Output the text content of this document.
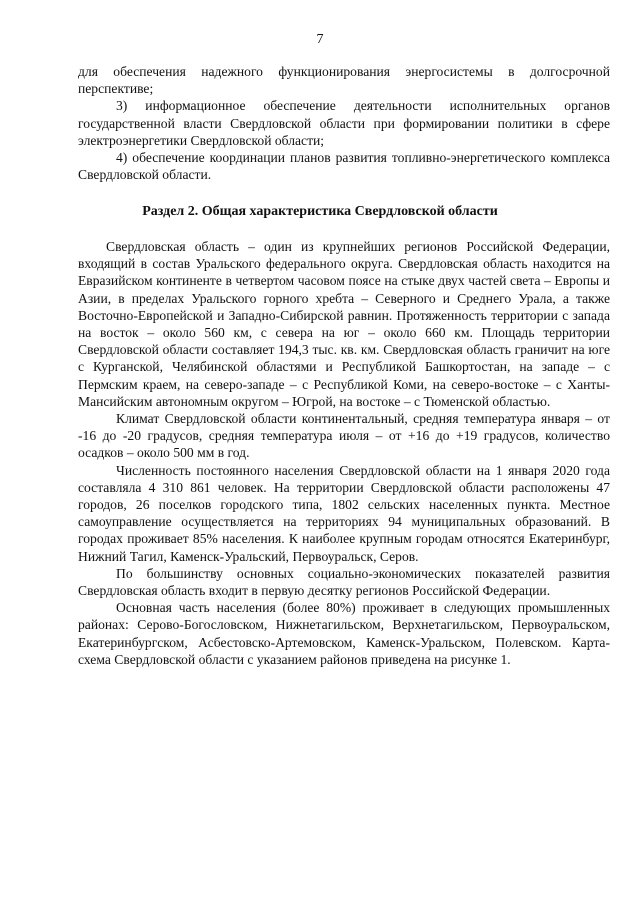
7

для обеспечения надежного функционирования энергосистемы в долгосрочной перспективе;

3) информационное обеспечение деятельности исполнительных органов государственной власти Свердловской области при формировании политики в сфере электроэнергетики Свердловской области;

4) обеспечение координации планов развития топливно-энергетического комплекса Свердловской области.

Раздел 2. Общая характеристика Свердловской области

Свердловская область – один из крупнейших регионов Российской Федерации, входящий в состав Уральского федерального округа. Свердловская область находится на Евразийском континенте в четвертом часовом поясе на стыке двух частей света – Европы и Азии, в пределах Уральского горного хребта – Северного и Среднего Урала, а также Восточно-Европейской и Западно-Сибирской равнин. Протяженность территории с запада на восток – около 560 км, с севера на юг – около 660 км. Площадь территории Свердловской области составляет 194,3 тыс. кв. км. Свердловская область граничит на юге с Курганской, Челябинской областями и Республикой Башкортостан, на западе – с Пермским краем, на северо-западе – с Республикой Коми, на северо-востоке – с Ханты-Мансийским автономным округом – Югрой, на востоке – с Тюменской областью.

Климат Свердловской области континентальный, средняя температура января – от -16 до -20 градусов, средняя температура июля – от +16 до +19 градусов, количество осадков – около 500 мм в год.

Численность постоянного населения Свердловской области на 1 января 2020 года составляла 4 310 861 человек. На территории Свердловской области расположены 47 городов, 26 поселков городского типа, 1802 сельских населенных пункта. Местное самоуправление осуществляется на территориях 94 муниципальных образований. В городах проживает 85% населения. К наиболее крупным городам относятся Екатеринбург, Нижний Тагил, Каменск-Уральский, Первоуральск, Серов.

По большинству основных социально-экономических показателей развития Свердловская область входит в первую десятку регионов Российской Федерации.

Основная часть населения (более 80%) проживает в следующих промышленных районах: Серово-Богословском, Нижнетагильском, Верхнетагильском, Первоуральском, Екатеринбургском, Асбестовско-Артемовском, Каменск-Уральском, Полевском. Карта-схема Свердловской области с указанием районов приведена на рисунке 1.
